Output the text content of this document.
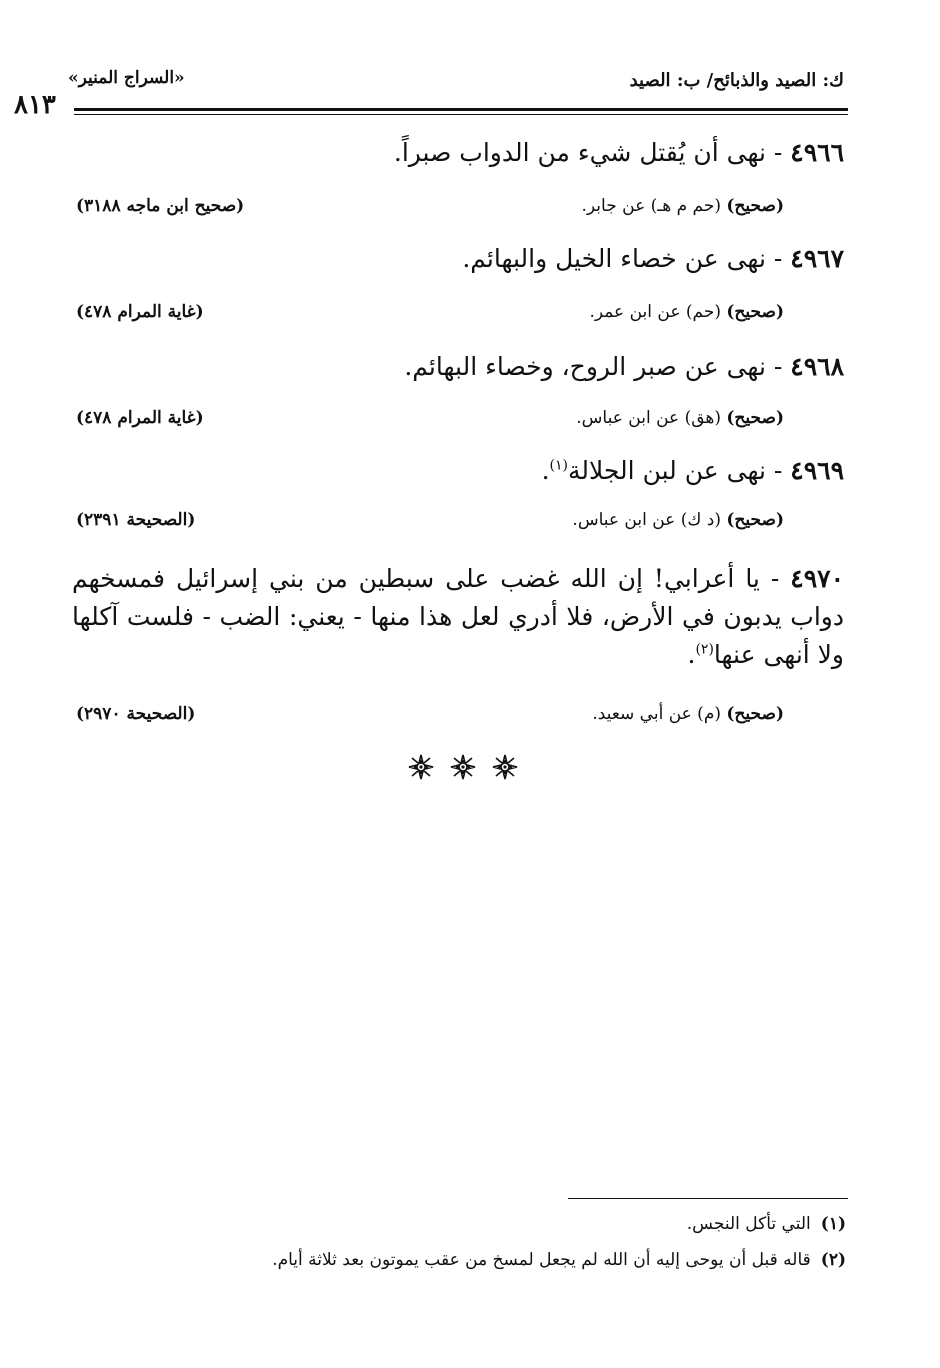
٨١٣
«السراج المنير»	ك: الصيد والذبائح/ ب: الصيد
٤٩٦٦ - نهى أن يُقتل شيء من الدواب صبراً.
(صحيح) (حم م هـ) عن جابر.
(صحيح ابن ماجه ٣١٨٨)
٤٩٦٧ - نهى عن خصاء الخيل والبهائم.
(صحيح) (حم) عن ابن عمر.
(غاية المرام ٤٧٨)
٤٩٦٨ - نهى عن صبر الروح، وخصاء البهائم.
(صحيح) (هق) عن ابن عباس.
(غاية المرام ٤٧٨)
٤٩٦٩ - نهى عن لبن الجلالة$^{(١)}$.
(صحيح) (د ك) عن ابن عباس.
(الصحيحة ٢٣٩١)
٤٩٧٠ - يا أعرابي! إن الله غضب على سبطين من بني إسرائيل فمسخهم دواب يدبون في الأرض، فلا أدري لعل هذا منها - يعني: الضب - فلست آكلها ولا أنهى عنها$^{(٢)}$.
(صحيح) (م) عن أبي سعيد.
(الصحيحة ٢٩٧٠)
(١)التي تأكل النجس.
(٢)قاله قبل أن يوحى إليه أن الله لم يجعل لمسخ من عقب يموتون بعد ثلاثة أيام.
